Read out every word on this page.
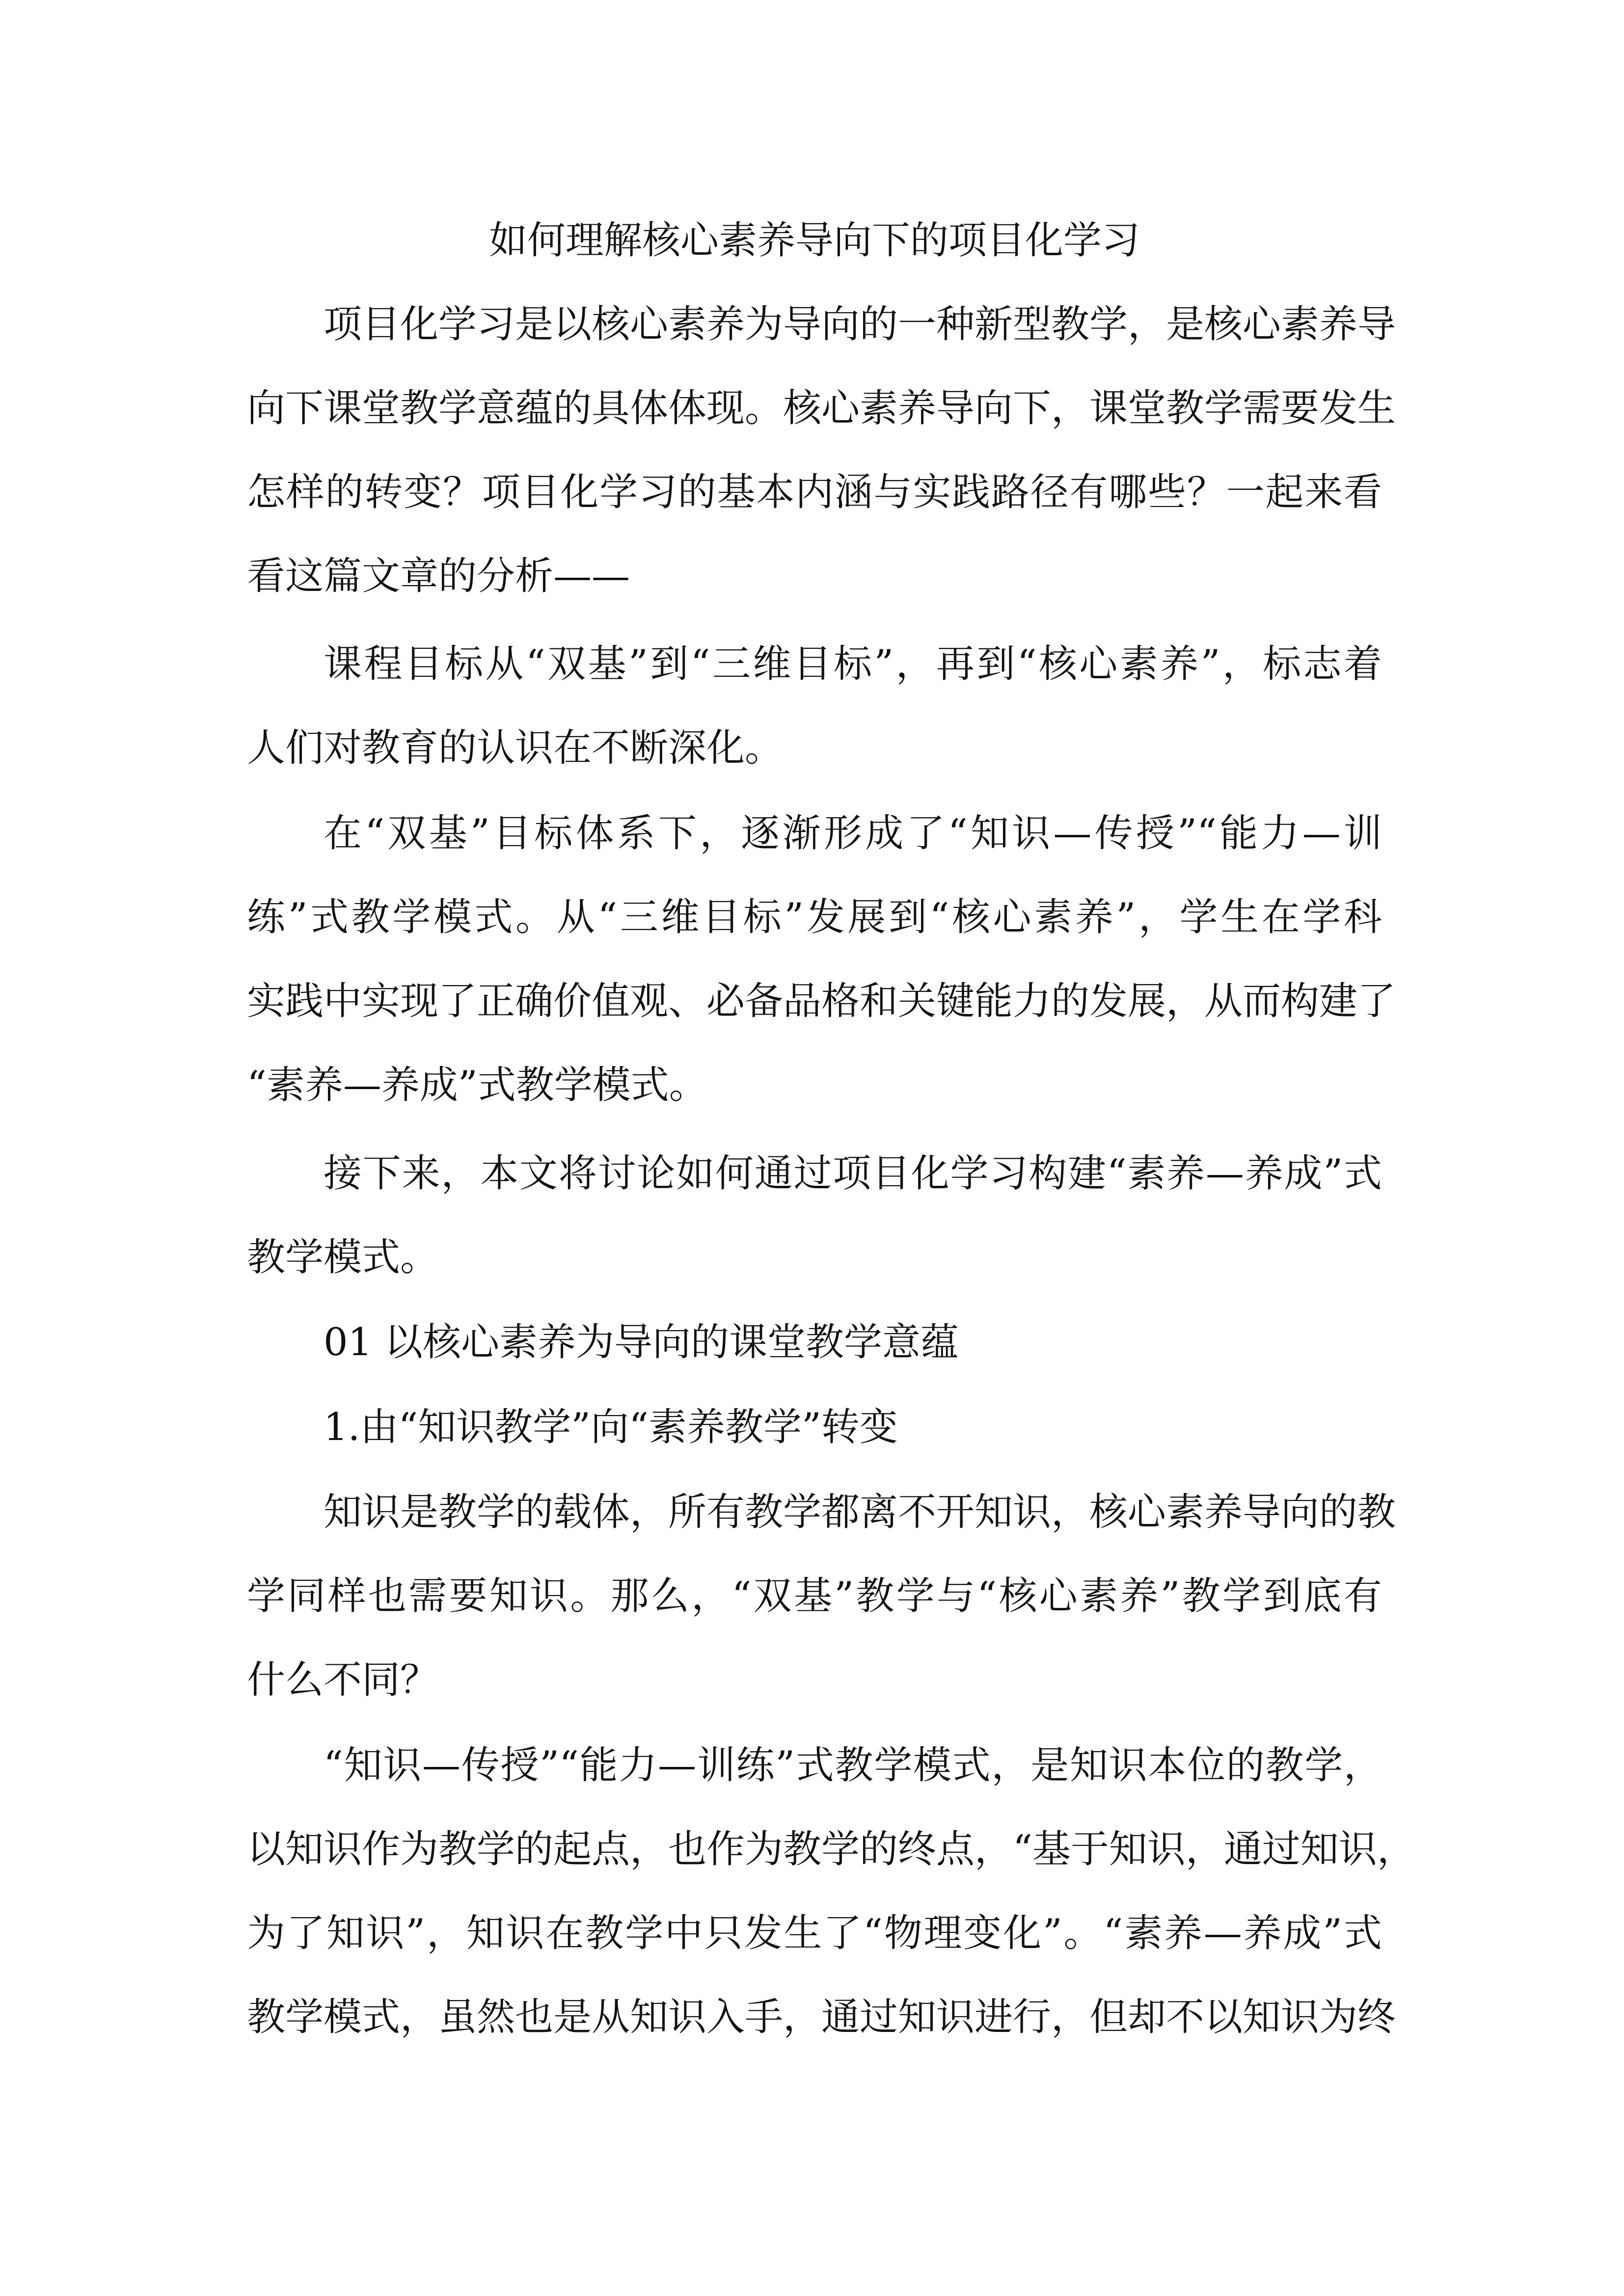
如何理解核心素养导向下的项目化学习
项目化学习是以核心素养为导向的一种新型教学，是核心素养导
向下课堂教学意蕴的具体体现。核心素养导向下，课堂教学需要发生
怎样的转变？项目化学习的基本内涵与实践路径有哪些？一起来看
看这篇文章的分析——
课程目标从“双基”到“三维目标”，再到“核心素养”，标志着
人们对教育的认识在不断深化。
在“双基”目标体系下，逐渐形成了“知识—传授”“能力—训
练”式教学模式。从“三维目标”发展到“核心素养”，学生在学科
实践中实现了正确价值观、必备品格和关键能力的发展，从而构建了
“素养—养成”式教学模式。
接下来，本文将讨论如何通过项目化学习构建“素养—养成”式
教学模式。
01 以核心素养为导向的课堂教学意蕴
1.由“知识教学”向“素养教学”转变
知识是教学的载体，所有教学都离不开知识，核心素养导向的教
学同样也需要知识。那么，“双基”教学与“核心素养”教学到底有
什么不同？
“知识—传授”“能力—训练”式教学模式，是知识本位的教学，
以知识作为教学的起点，也作为教学的终点，“基于知识，通过知识，
为了知识”，知识在教学中只发生了“物理变化”。“素养—养成”式
教学模式，虽然也是从知识入手，通过知识进行，但却不以知识为终
